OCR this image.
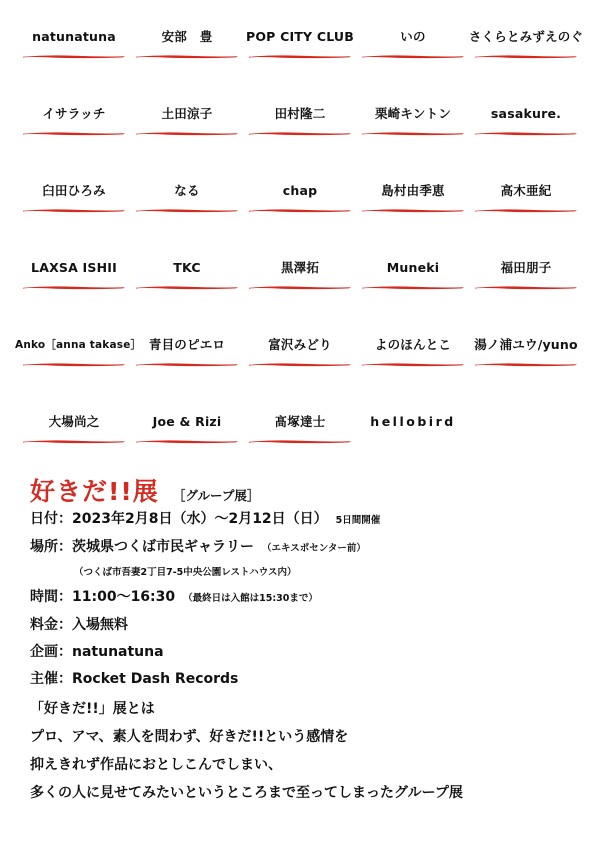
natunatuna	安部　豊	POP CITY CLUB	いの	さくらとみずえのぐ
イサラッチ	土田涼子	田村隆二	栗崎キントン	sasakure.
臼田ひろみ	なる	chap	島村由季恵	高木亜紀
LAXSA ISHII	TKC	黒澤拓	Muneki	福田朋子
Anko［anna takase］ 青目のピエロ	富沢みどり	よのほんとこ	湯ノ浦ユウ/yuno
大場尚之	Joe & Rizi	髙塚達士	hellobird
好きだ!!展 ［グループ展］
日付：2023年2月8日（水）～2月12日（日） 5日間開催
場所：茨城県つくば市民ギャラリー （エキスポセンター前）
（つくば市吾妻2丁目7-5中央公園レストハウス内）
時間：11:00～16:30 （最終日は入館は15:30まで）
料金：入場無料
企画：natunatuna
主催：Rocket Dash Records
「好きだ!!」展とは
プロ、アマ、素人を問わず、好きだ!!という感情を
抑えきれず作品におとしこんでしまい、
多くの人に見せてみたいというところまで至ってしまったグループ展
